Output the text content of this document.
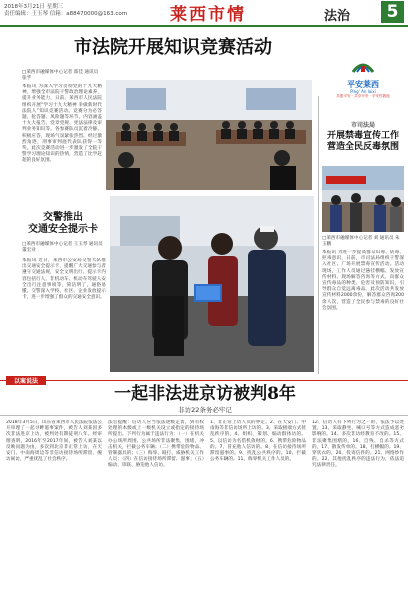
2018年3月21日 星期三
责任编辑：王玉琴 信箱：a88470000@163.com	莱西市情	法治	5
市法院开展知识竞赛活动
平安莱西
Ping' An laixi
共建平安 · 共享平安 · 平安你我他
□莱西市融媒体中心记者 邵佳 通讯员 张孚
本报讯 为深入学习贯彻党的十九大精神，增强全市法院干警政治理论素养，提升业务能力，日前，莱西市人民法院组织开展“学习十九大精神 争做新时代法院人”知识竞赛活动。竞赛分为必答题、抢答题、风险题等环节，内容涵盖十九大报告、党章党规、宪法法律及审判业务知识等。各参赛队员沉着冷静、积极应答，现场气氛紧张热烈。经过激烈角逐，刑事审判庭代表队获得一等奖。此次竞赛活动进一步激发了全院干警学习理论知识的热情，营造了比学赶超的良好氛围。
市司法局
开展禁毒宣传工作
营造全民反毒氛围
□莱西市融媒体中心记者 刘 通讯员 朱玉鹏
本报讯 为进一步提高群众识毒、防毒、拒毒意识，日前，市司法局组织干警深入社区、广场开展禁毒宣传活动。活动现场，工作人员通过悬挂横幅、发放宣传材料、现场解答咨询等方式，向群众宣传毒品的种类、危害及预防知识，引导群众自觉远离毒品。此次活动共发放宣传材料2000余份，解答群众咨询200余人次，营造了全民参与禁毒的良好社会氛围。
交警推出
交通安全提示卡
□莱西市融媒体中心记者 王玉琴 通讯员 董宏业
本报讯 近日，莱西市公安局交警大队推出交通安全提示卡，提醒广大交通参与者遵守交通法规，安全文明出行。提示卡内容包括行人、非机动车、机动车驾驶人安全出行注意事项等，简洁明了，通俗易懂。交警深入学校、社区、企业发放提示卡，进一步增强了群众的交通安全意识。
以案说法
一起非法进京访被判8年
非访22条务必牢记
2018年3月5日，山东省莱西市人民法院依法公开审理了一起寻衅滋事案件，被告人刘某因多次非法进京上访，被判处有期徒刑八年。经审理查明，2016年至2017年间，被告人刘某以反映问题为由，多次到北京非正常上访，在天安门、中南海周边等非信访接待场所滞留、缠访闹访，严重扰乱了社会秩序。
法官提醒：信访人应当依法逐级走访，到有权处理的本级或上一级机关设立或指定的接待场所提出。下列行为属于违法行为：（一）在机关办公场所周围、公共场所非法聚集，围堵、冲击机关，拦截公务车辆；（二）携带危险物品、管制器具的；（三）侮辱、殴打、威胁机关工作人员；（四）在信访接待场所滞留、滋事；（五）煽动、串联、胁迫他人信访。
1、非正常上访人员的界定。2、在天安门、中南海等非信访场所上访的。3、采取极端方式扰乱秩序的。4、组织、策划、煽动群体访的。5、以信访为名借机敛财的。6、携带危险物品的。7、冒充他人信访的。8、在信访接待场所滞留滋事的。9、扰乱公共秩序的。10、拦截公务车辆的。11、侮辱机关工作人员的。
12、信访人有下列行为之一的，依法予以处置。13、采取静坐、喊口号等方式造成恶劣影响的。14、多次非访经教育不改的。15、非法聚集围堵的。16、自残、自杀等方式的。17、散发传单的。18、打横幅的。19、穿状衣的。20、投寄信件的。21、网络炒作的。22、其他扰乱秩序的违法行为，依法追究法律责任。
